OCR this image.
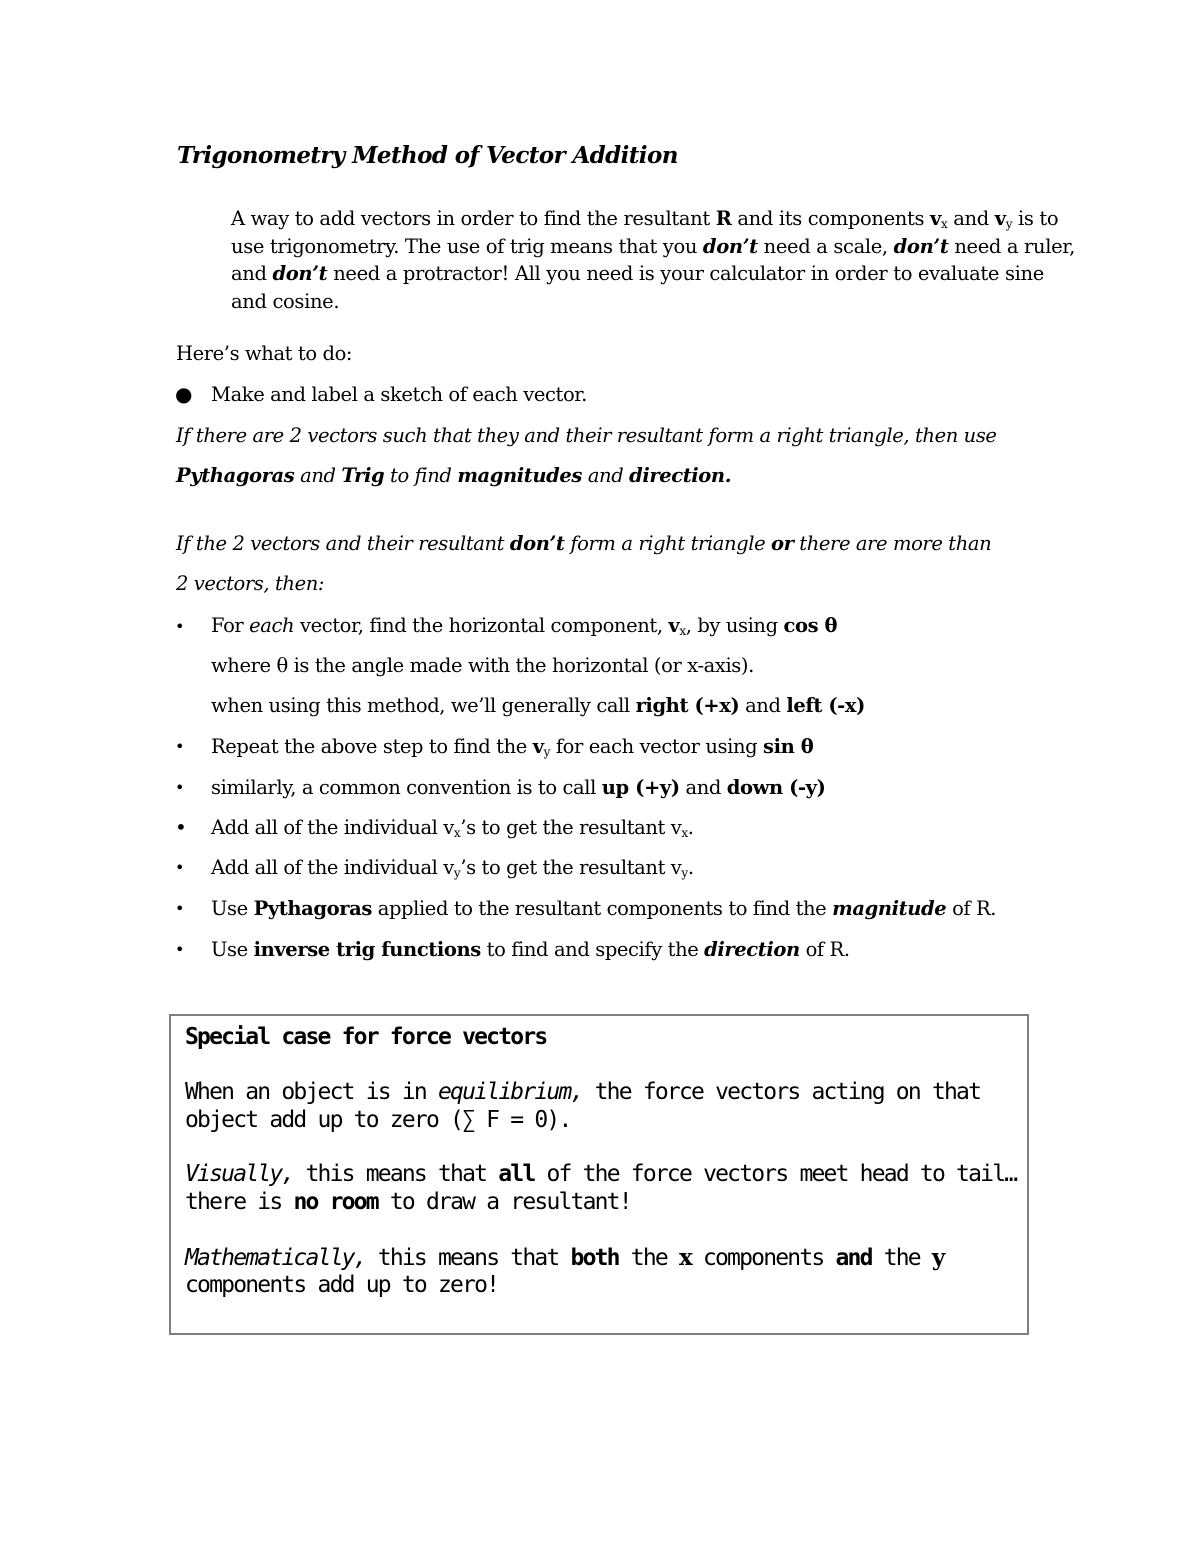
Trigonometry Method of Vector Addition
A way to add vectors in order to find the resultant R and its components $v_x$ and $v_y$ is to
use trigonometry. The use of trig means that you don’t need a scale, don’t need a ruler,
and don’t need a protractor! All you need is your calculator in order to evaluate sine
and cosine.
Here’s what to do:
● Make and label a sketch of each vector.
If there are 2 vectors such that they and their resultant form a right triangle, then use
Pythagoras and Trig to find magnitudes and direction.
If the 2 vectors and their resultant don’t form a right triangle or there are more than
2 vectors, then:
• For each vector, find the horizontal component, $v_x$, by using cos θ
where θ is the angle made with the horizontal (or x-axis).
when using this method, we’ll generally call right (+x) and left (-x)
• Repeat the above step to find the $v_y$ for each vector using sin θ
• similarly, a common convention is to call up (+y) and down (-y)
• Add all of the individual $v_x’s$ to get the resultant $v_x$.
• Add all of the individual $v_y’s$ to get the resultant $v_y$.
• Use Pythagoras applied to the resultant components to find the magnitude of R.
• Use inverse trig functions to find and specify the direction of R.
Special case for force vectors
When an object is in equilibrium, the force vectors acting on that
object add up to zero (∑ F = 0).
Visually, this means that all of the force vectors meet head to tail…
there is no room to draw a resultant!
Mathematically, this means that both the x components and the y
components add up to zero!
